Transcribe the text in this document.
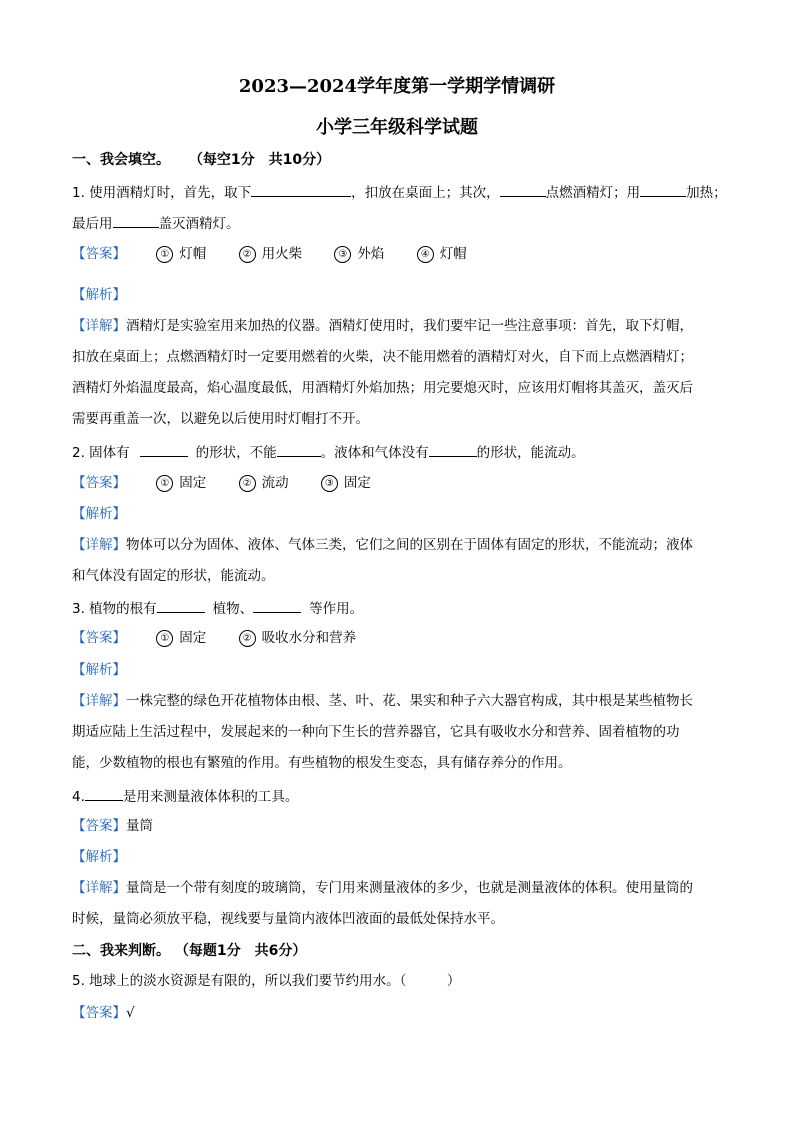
2023—2024学年度第一学期学情调研
小学三年级科学试题
一、我会填空。 （每空1分　共10分）
1. 使用酒精灯时，首先，取下	，扣放在桌面上；其次，	点燃酒精灯；用	加热；
最后用	盖灭酒精灯。
【答案】	① 灯帽	② 用火柴	③ 外焰	④ 灯帽
【解析】
【详解】酒精灯是实验室用来加热的仪器。酒精灯使用时，我们要牢记一些注意事项：首先，取下灯帽，
扣放在桌面上；点燃酒精灯时一定要用燃着的火柴，决不能用燃着的酒精灯对火，自下而上点燃酒精灯；
酒精灯外焰温度最高，焰心温度最低，用酒精灯外焰加热；用完要熄灭时，应该用灯帽将其盖灭，盖灭后
需要再重盖一次，以避免以后使用时灯帽打不开。
2. 固体有	的形状，不能	。液体和气体没有	的形状，能流动。
【答案】	① 固定	② 流动	③ 固定
【解析】
【详解】物体可以分为固体、液体、气体三类，它们之间的区别在于固体有固定的形状，不能流动；液体
和气体没有固定的形状，能流动。
3. 植物的根有	植物、	等作用。
【答案】	① 固定	② 吸收水分和营养
【解析】
【详解】一株完整的绿色开花植物体由根、茎、叶、花、果实和种子六大器官构成，其中根是某些植物长
期适应陆上生活过程中，发展起来的一种向下生长的营养器官，它具有吸收水分和营养、固着植物的功
能，少数植物的根也有繁殖的作用。有些植物的根发生变态，具有储存养分的作用。
4.	是用来测量液体体积的工具。
【答案】量筒
【解析】
【详解】量筒是一个带有刻度的玻璃筒，专门用来测量液体的多少，也就是测量液体的体积。使用量筒的
时候，量筒必须放平稳，视线要与量筒内液体凹液面的最低处保持水平。
二、我来判断。 （每题1分　共6分）
5. 地球上的淡水资源是有限的，所以我们要节约用水。（　　　）
【答案】√
